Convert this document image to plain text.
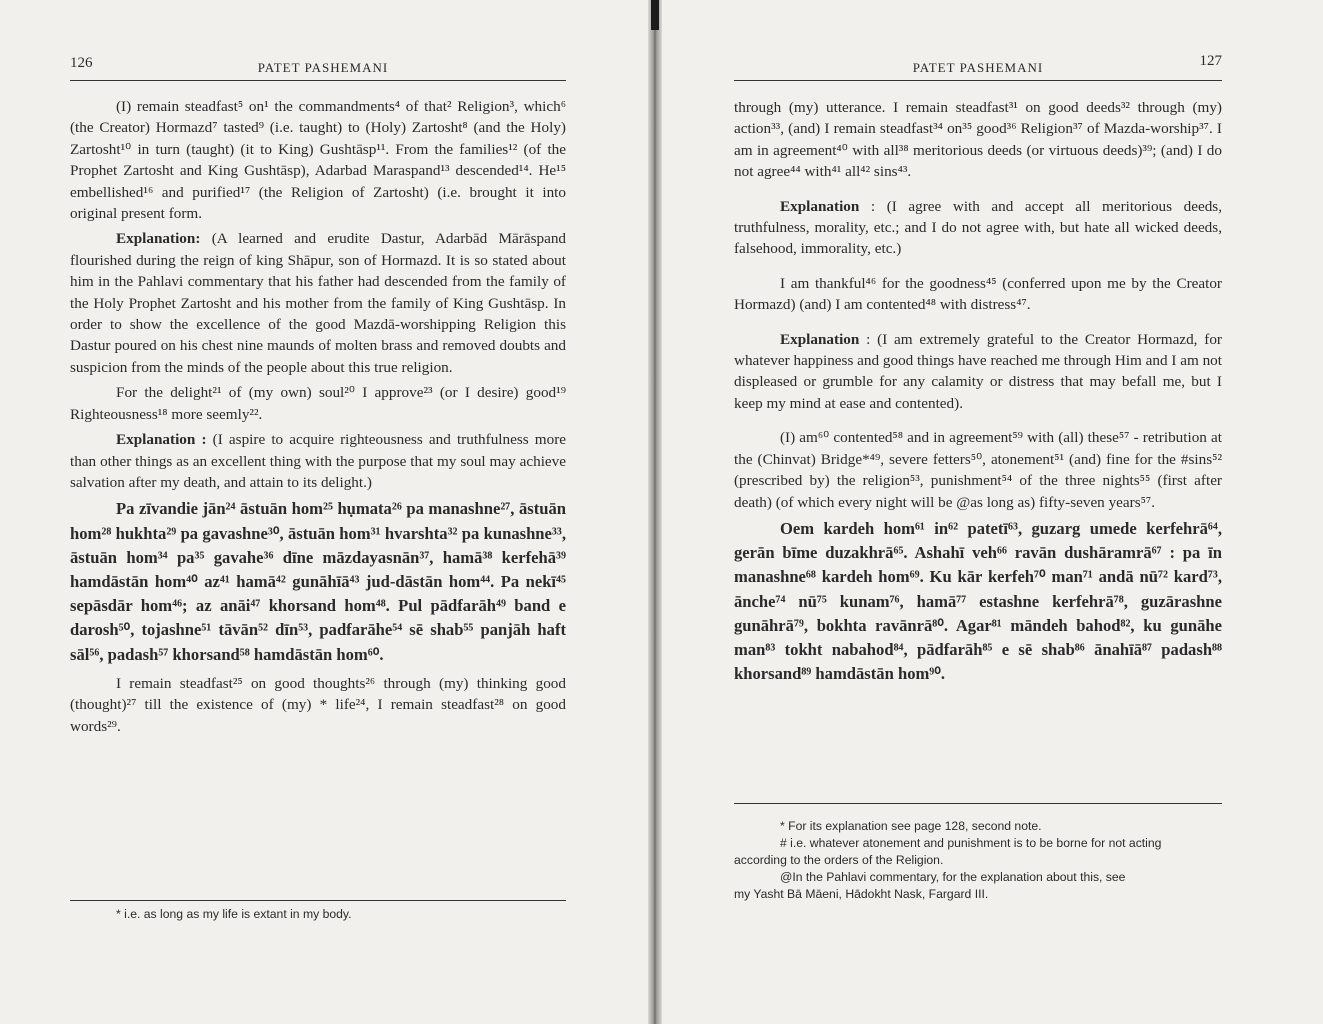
126	PATET PASHEMANI

(I) remain steadfast⁵ on¹ the commandments⁴ of that² Religion³, which⁶ (the Creator) Hormazd⁷ tasted⁹ (i.e. taught) to (Holy) Zartosht⁸ (and the Holy) Zartosht¹⁰ in turn (taught) (it to King) Gushtāsp¹¹. From the families¹² (of the Prophet Zartosht and King Gushtāsp), Adarbad Maraspand¹³ descended¹⁴. He¹⁵ embellished¹⁶ and purified¹⁷ (the Religion of Zartosht) (i.e. brought it into original present form.

Explanation: (A learned and erudite Dastur, Adarbād Mārāspand flourished during the reign of king Shāpur, son of Hormazd. It is so stated about him in the Pahlavi commentary that his father had descended from the family of the Holy Prophet Zartosht and his mother from the family of King Gushtāsp. In order to show the excellence of the good Mazdā-worshipping Religion this Dastur poured on his chest nine maunds of molten brass and removed doubts and suspicion from the minds of the people about this true religion.

For the delight²¹ of (my own) soul²⁰ I approve²³ (or I desire) good¹⁹ Righteousness¹⁸ more seemly²².

Explanation : (I aspire to acquire righteousness and truthfulness more than other things as an excellent thing with the purpose that my soul may achieve salvation after my death, and attain to its delight.)

Pa zīvandie jān²⁴ āstuān hom²⁵ hụmata²⁶ pa manashne²⁷, āstuān hom²⁸ hukhta²⁹ pa gavashne³⁰, āstuān hom³¹ hvarshta³² pa kunashne³³, āstuān hom³⁴ pa³⁵ gavahe³⁶ dīne māzdayasnān³⁷, hamā³⁸ kerfehā³⁹ hamdāstān hom⁴⁰ az⁴¹ hamā⁴² gunāhīā⁴³ jud-dāstān hom⁴⁴. Pa nekī⁴⁵ sepāsdār hom⁴⁶; az anāi⁴⁷ khorsand hom⁴⁸. Pul pādfarāh⁴⁹ band e darosh⁵⁰, tojashne⁵¹ tāvān⁵² dīn⁵³, padfarāhe⁵⁴ sē shab⁵⁵ panjāh haft sāl⁵⁶, padash⁵⁷ khorsand⁵⁸ hamdāstān hom⁶⁰.

I remain steadfast²⁵ on good thoughts²⁶ through (my) thinking good (thought)²⁷ till the existence of (my) * life²⁴, I remain steadfast²⁸ on good words²⁹.

* i.e. as long as my life is extant in my body.
PATET PASHEMANI	127

through (my) utterance. I remain steadfast³¹ on good deeds³² through (my) action³³, (and) I remain steadfast³⁴ on³⁵ good³⁶ Religion³⁷ of Mazda-worship³⁷. I am in agreement⁴⁰ with all³⁸ meritorious deeds (or virtuous deeds)³⁹; (and) I do not agree⁴⁴ with⁴¹ all⁴² sins⁴³.

Explanation : (I agree with and accept all meritorious deeds, truthfulness, morality, etc.; and I do not agree with, but hate all wicked deeds, falsehood, immorality, etc.)

I am thankful⁴⁶ for the goodness⁴⁵ (conferred upon me by the Creator Hormazd) (and) I am contented⁴⁸ with distress⁴⁷.

Explanation : (I am extremely grateful to the Creator Hormazd, for whatever happiness and good things have reached me through Him and I am not displeased or grumble for any calamity or distress that may befall me, but I keep my mind at ease and contented).

(I) am⁶⁰ contented⁵⁸ and in agreement⁵⁹ with (all) these⁵⁷ - retribution at the (Chinvat) Bridge*⁴⁹, severe fetters⁵⁰, atonement⁵¹ (and) fine for the #sins⁵² (prescribed by) the religion⁵³, punishment⁵⁴ of the three nights⁵⁵ (first after death) (of which every night will be @as long as) fifty-seven years⁵⁷.

Oem kardeh hom⁶¹ in⁶² patetī⁶³, guzarg umede kerfehrā⁶⁴, gerān bīme duzakhrā⁶⁵. Ashahī veh⁶⁶ ravān dushāramrā⁶⁷ : pa īn manashne⁶⁸ kardeh hom⁶⁹. Ku kār kerfeh⁷⁰ man⁷¹ andā nū⁷² kard⁷³, ānche⁷⁴ nū⁷⁵ kunam⁷⁶, hamā⁷⁷ estashne kerfehrā⁷⁸, guzārashne gunāhrā⁷⁹, bokhta ravānrā⁸⁰. Agar⁸¹ māndeh bahod⁸², ku gunāhe man⁸³ tokht nabahod⁸⁴, pādfarāh⁸⁵ e sē shab⁸⁶ ānahīā⁸⁷ padash⁸⁸ khorsand⁸⁹ hamdāstān hom⁹⁰.

* For its explanation see page 128, second note.

# i.e. whatever atonement and punishment is to be borne for not acting

according to the orders of the Religion.

@In the Pahlavi commentary, for the explanation about this, see

my Yasht Bā Māeni, Hādokht Nask, Fargard III.
